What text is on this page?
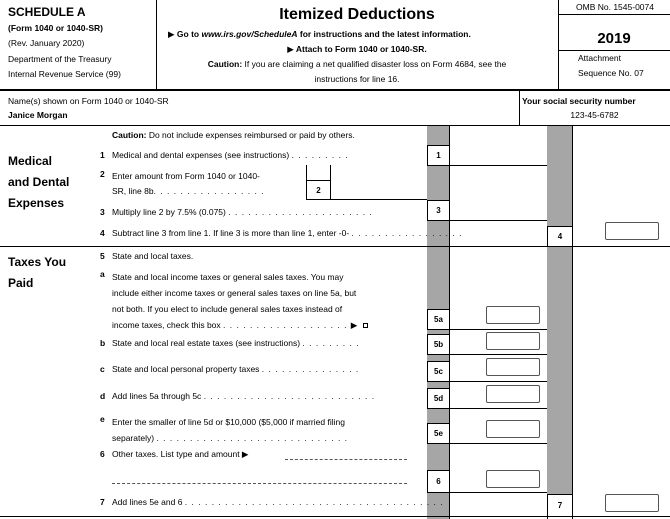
SCHEDULE A
(Form 1040 or 1040-SR)
(Rev. January 2020)
Department of the Treasury
Internal Revenue Service (99)
Itemized Deductions
▶ Go to www.irs.gov/ScheduleA for instructions and the latest information.
▶ Attach to Form 1040 or 1040-SR.
Caution: If you are claiming a net qualified disaster loss on Form 4684, see the
instructions for line 16.
OMB No. 1545-0074
2019
Attachment
Sequence No. 07
Name(s) shown on Form 1040 or 1040-SR
Janice Morgan
Your social security number
123-45-6782
Medical
and Dental
Expenses
Caution: Do not include expenses reimbursed or paid by others.
1 Medical and dental expenses (see instructions) . . . . . . . . .	1
2 Enter amount from Form 1040 or 1040-
SR, line 8b. . . . . . . . . . . . . . . . .	2
3 Multiply line 2 by 7.5% (0.075) . . . . . . . . . . . . . . . . . . . . . .	3
4 Subtract line 3 from line 1. If line 3 is more than line 1, enter -0- . . . . . . . . . . . . . . . . .	4
Taxes You
Paid
5 State and local taxes.
a State and local income taxes or general sales taxes. You may
include either income taxes or general sales taxes on line 5a, but
not both. If you elect to include general sales taxes instead of
income taxes, check this box . . . . . . . . . . . . . . . . . . . ▶
5a
b State and local real estate taxes (see instructions) . . . . . . . . .	5b
c State and local personal property taxes . . . . . . . . . . . . . . .	5c
d Add lines 5a through 5c . . . . . . . . . . . . . . . . . . . . . . . . . .	5d
e Enter the smaller of line 5d or $10,000 ($5,000 if married filing
separately) . . . . . . . . . . . . . . . . . . . . . . . . . . . . .	5e
6 Other taxes. List type and amount ▶
6
7 Add lines 5e and 6 . . . . . . . . . . . . . . . . . . . . . . . . . . . . . . . . . . . . . . .	7
